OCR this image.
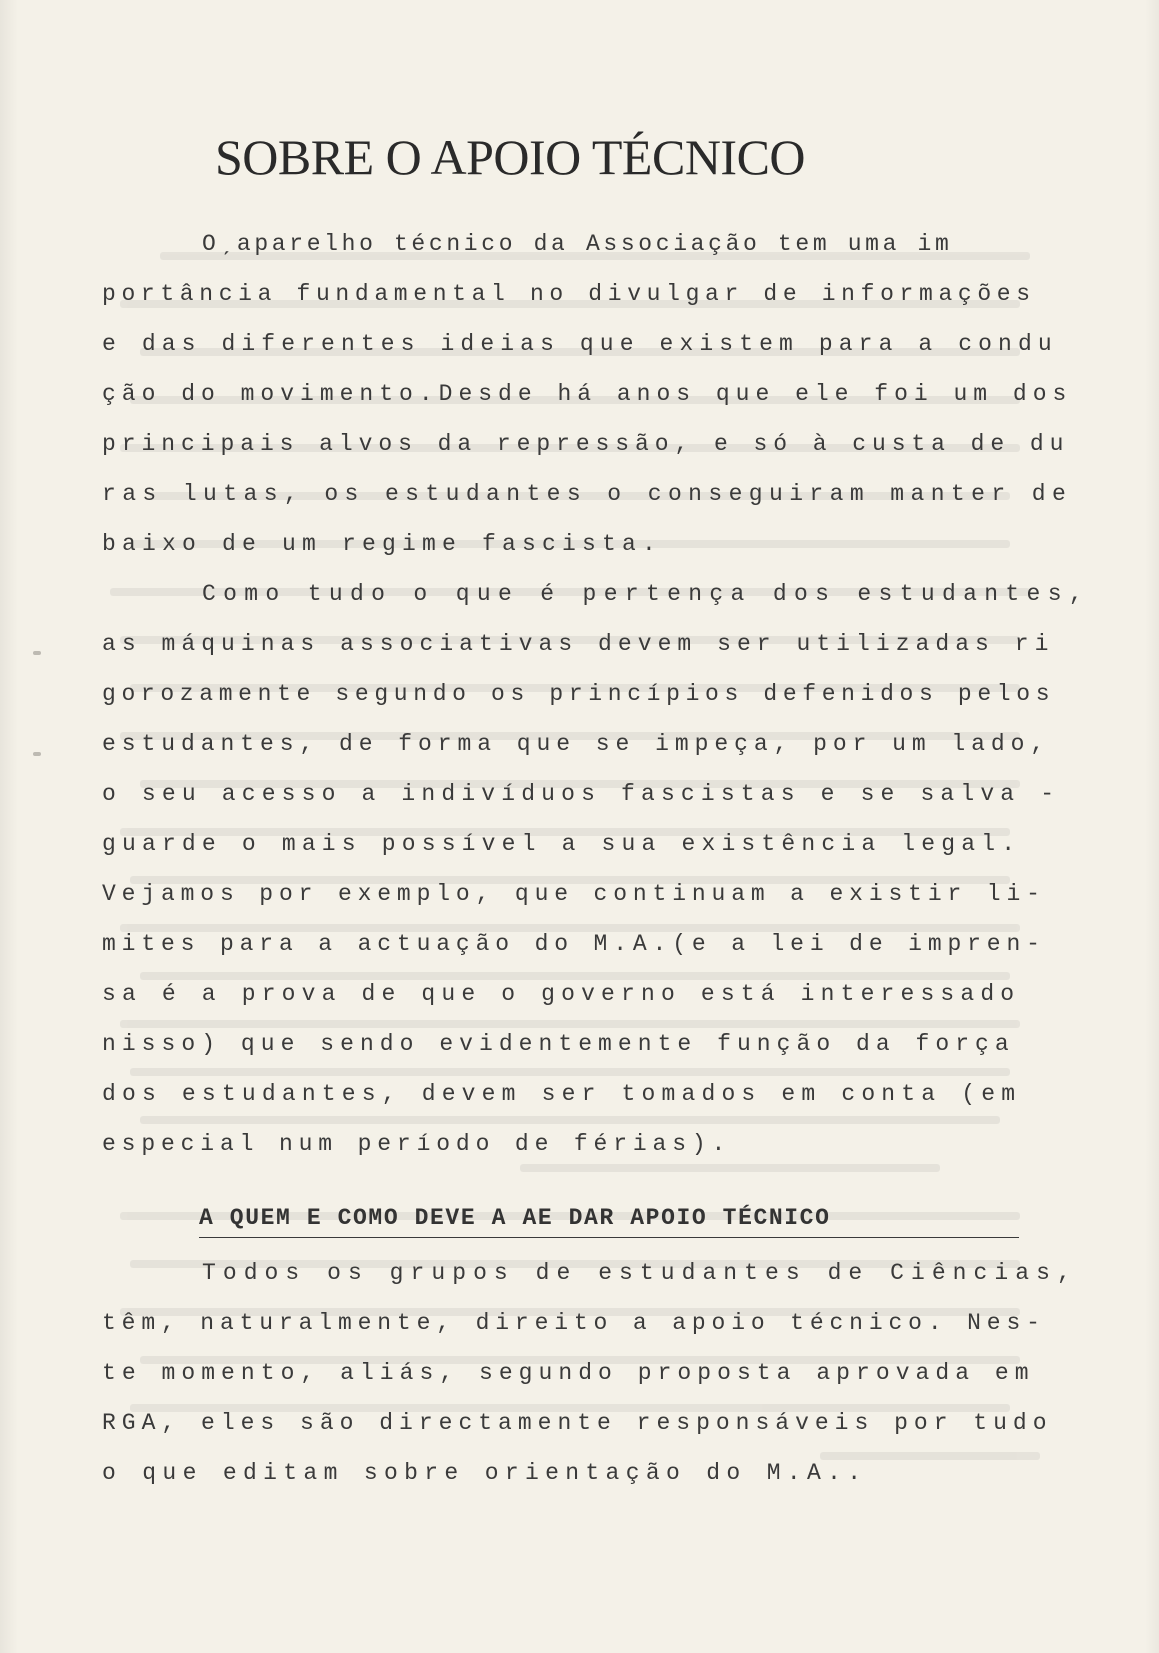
SOBRE O APOIO TÉCNICO

Oˏaparelho técnico da Associação tem uma im

portância fundamental no divulgar de informações

e das diferentes ideias que existem para a condu

ção do movimento.Desde há anos que ele foi um dos

principais alvos da repressão, e só à custa de du

ras lutas, os estudantes o conseguiram manter de

baixo de um regime fascista.

Como tudo o que é pertença dos estudantes,

as máquinas associativas devem ser utilizadas ri

gorozamente segundo os princípios defenidos pelos

estudantes, de forma que se impeça, por um lado,

o seu acesso a indivíduos fascistas e se salva -

guarde o mais possível a sua existência legal.

Vejamos por exemplo, que continuam a existir li-

mites para a actuação do M.A.(e a lei de impren-

sa é a prova de que o governo está interessado

nisso) que sendo evidentemente função da força

dos estudantes, devem ser tomados em conta (em

especial num período de férias).

A QUEM E COMO DEVE A AE DAR APOIO TÉCNICO

Todos os grupos de estudantes de Ciências,

têm, naturalmente, direito a apoio técnico. Nes-

te momento, aliás, segundo proposta aprovada em

RGA, eles são directamente responsáveis por tudo

o que editam sobre orientação do M.A..
